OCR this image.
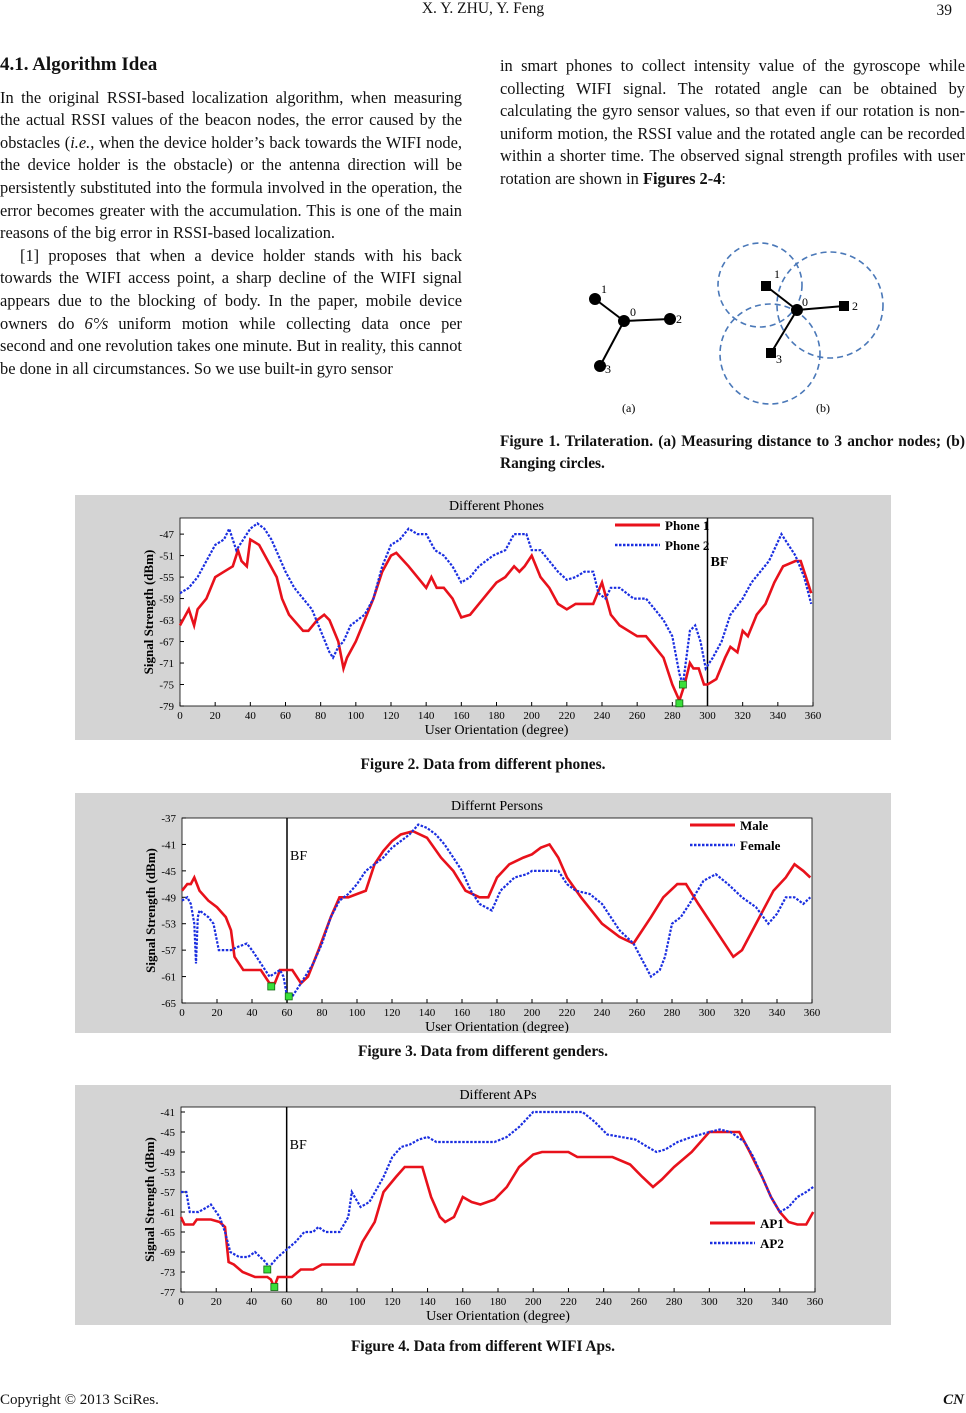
X. Y. ZHU, Y. Feng	39
4.1. Algorithm Idea

In the original RSSI-based localization algorithm, when measuring the actual RSSI values of the beacon nodes, the error caused by the obstacles (i.e., when the device holder’s back towards the WIFI node, the device holder is the obstacle) or the antenna direction will be persistently substituted into the formula involved in the operation, the error becomes greater with the accumulation. This is one of the main reasons of the big error in RSSI-based localization.

[1] proposes that when a device holder stands with his back towards the WIFI access point, a sharp decline of the WIFI signal appears due to the blocking of body. In the paper, mobile device owners do 6°⁄s uniform motion while collecting data once per second and one revolution takes one minute. But in reality, this cannot be done in all circumstances. So we use built-in gyro sensor

in smart phones to collect intensity value of the gyroscope while collecting WIFI signal. The rotated angle can be obtained by calculating the gyro sensor values, so that even if our rotation is non-uniform motion, the RSSI value and the rotated angle can be recorded within a shorter time. The observed signal strength profiles with user rotation are shown in Figures 2-4:

1
0	2
3
(a)
1
0	2
3
(b)
Figure 1. Trilateration. (a) Measuring distance to 3 anchor nodes; (b) Ranging circles.
Different Phones
User Orientation (degree)
Signal Strength (dBm)
0 20 40 60 80 100 120 140 160 180 200 220 240 260 280 300 320 340 360
-47
-51
-55
-59
-63
-67
-71
-75
-79
BF
Phone 1
Phone 2
Figure 2. Data from different phones.
Differnt Persons
User Orientation (degree)
Signal Strength (dBm)
0 20 40 60 80 100 120 140 160 180 200 220 240 260 280 300 320 340 360
-37
-41
-45
-49
-53
-57
-61
-65
BF
Male
Female
Figure 3. Data from different genders.
Different APs
User Orientation (degree)
Signal Strength (dBm)
0 20 40 60 80 100 120 140 160 180 200 220 240 260 280 300 320 340 360
-41
-45
-49
-53
-57
-61
-65
-69
-73
-77
BF
AP1
AP2
Figure 4. Data from different WIFI Aps.
Copyright © 2013 SciRes.	CN
